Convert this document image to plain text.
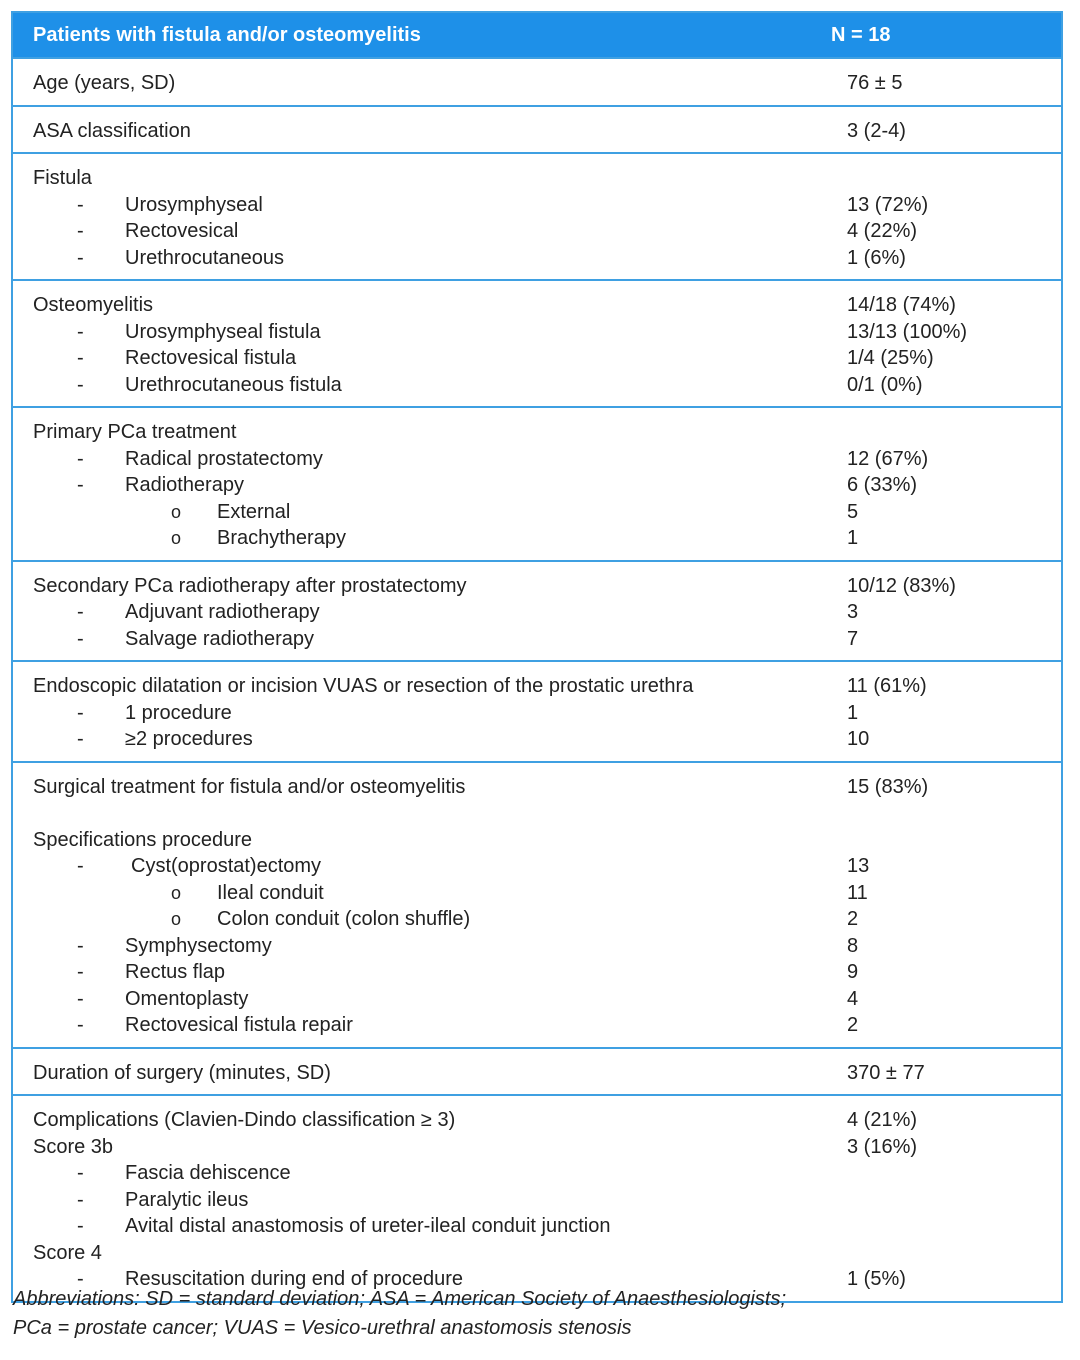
Patients with fistula and/or osteomyelitis	N = 18
Age (years, SD)	76 ± 5
ASA classification	3 (2-4)
Fistula
- Urosymphyseal	13 (72%)
- Rectovesical	4 (22%)
- Urethrocutaneous	1 (6%)
Osteomyelitis	14/18 (74%)
- Urosymphyseal fistula	13/13 (100%)
- Rectovesical fistula	1/4 (25%)
- Urethrocutaneous fistula	0/1 (0%)
Primary PCa treatment
- Radical prostatectomy	12 (67%)
- Radiotherapy	6 (33%)
o External	5
o Brachytherapy	1
Secondary PCa radiotherapy after prostatectomy	10/12 (83%)
- Adjuvant radiotherapy	3
- Salvage radiotherapy	7
Endoscopic dilatation or incision VUAS or resection of the prostatic urethra	11 (61%)
- 1 procedure	1
- ≥2 procedures	10
Surgical treatment for fistula and/or osteomyelitis	15 (83%)
Specifications procedure
- Cyst(oprostat)ectomy	13
o Ileal conduit	11
o Colon conduit (colon shuffle)	2
- Symphysectomy	8
- Rectus flap	9
- Omentoplasty	4
- Rectovesical fistula repair	2
Duration of surgery (minutes, SD)	370 ± 77
Complications (Clavien-Dindo classification ≥ 3)	4 (21%)
Score 3b	3 (16%)
- Fascia dehiscence
- Paralytic ileus
- Avital distal anastomosis of ureter-ileal conduit junction
Score 4
- Resuscitation during end of procedure	1 (5%)
Abbreviations: SD = standard deviation; ASA = American Society of Anaesthesiologists;
PCa = prostate cancer; VUAS = Vesico-urethral anastomosis stenosis
